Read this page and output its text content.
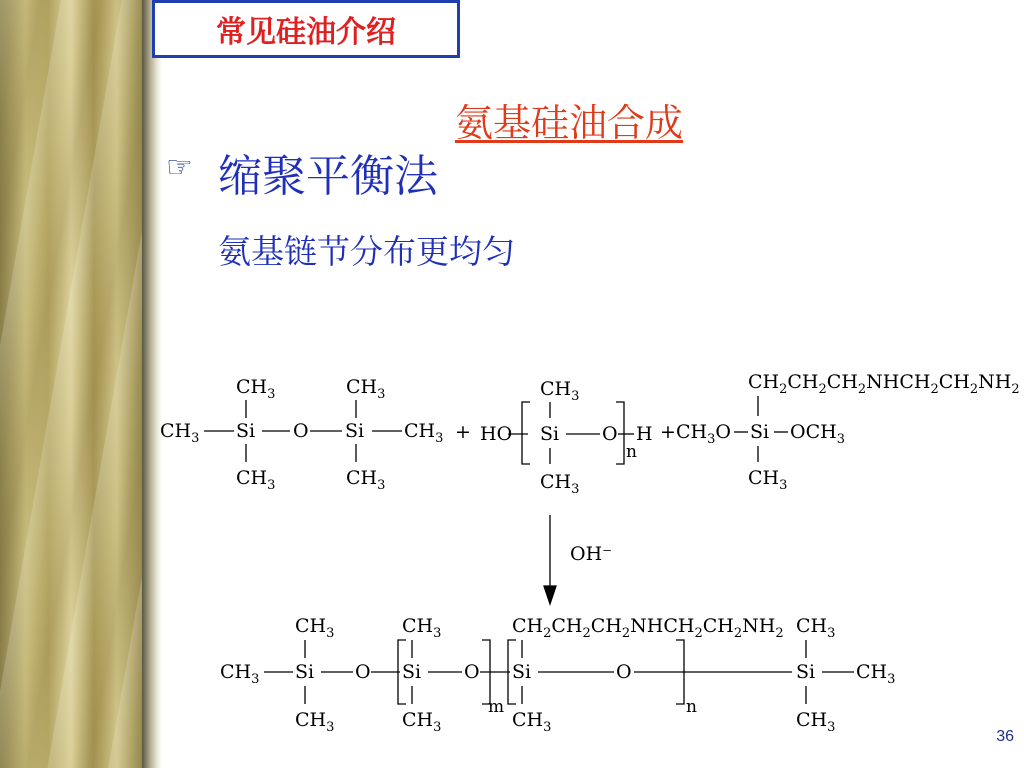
常见硅油介绍
氨基硅油合成
☞ 缩聚平衡法
氨基链节分布更均匀
$CH_3$	$CH_3$
$CH_3$ Si O Si $CH_3$
$CH_3$	$CH_3$
+ HO
$CH_3$
Si O H
n
$CH_3$
+
$CH_2CH_2CH_2NHCH_2CH_2NH_2$
$CH_3O$ Si $OCH_3$
$CH_3$
OH⁻
$CH_3$	$CH_3$	$CH_2CH_2CH_2NHCH_2CH_2NH_2$ $CH_3$
$CH_3$ Si O Si O
m
Si	O
n
Si $CH_3$
$CH_3$	$CH_3$	$CH_3$	$CH_3$
36
